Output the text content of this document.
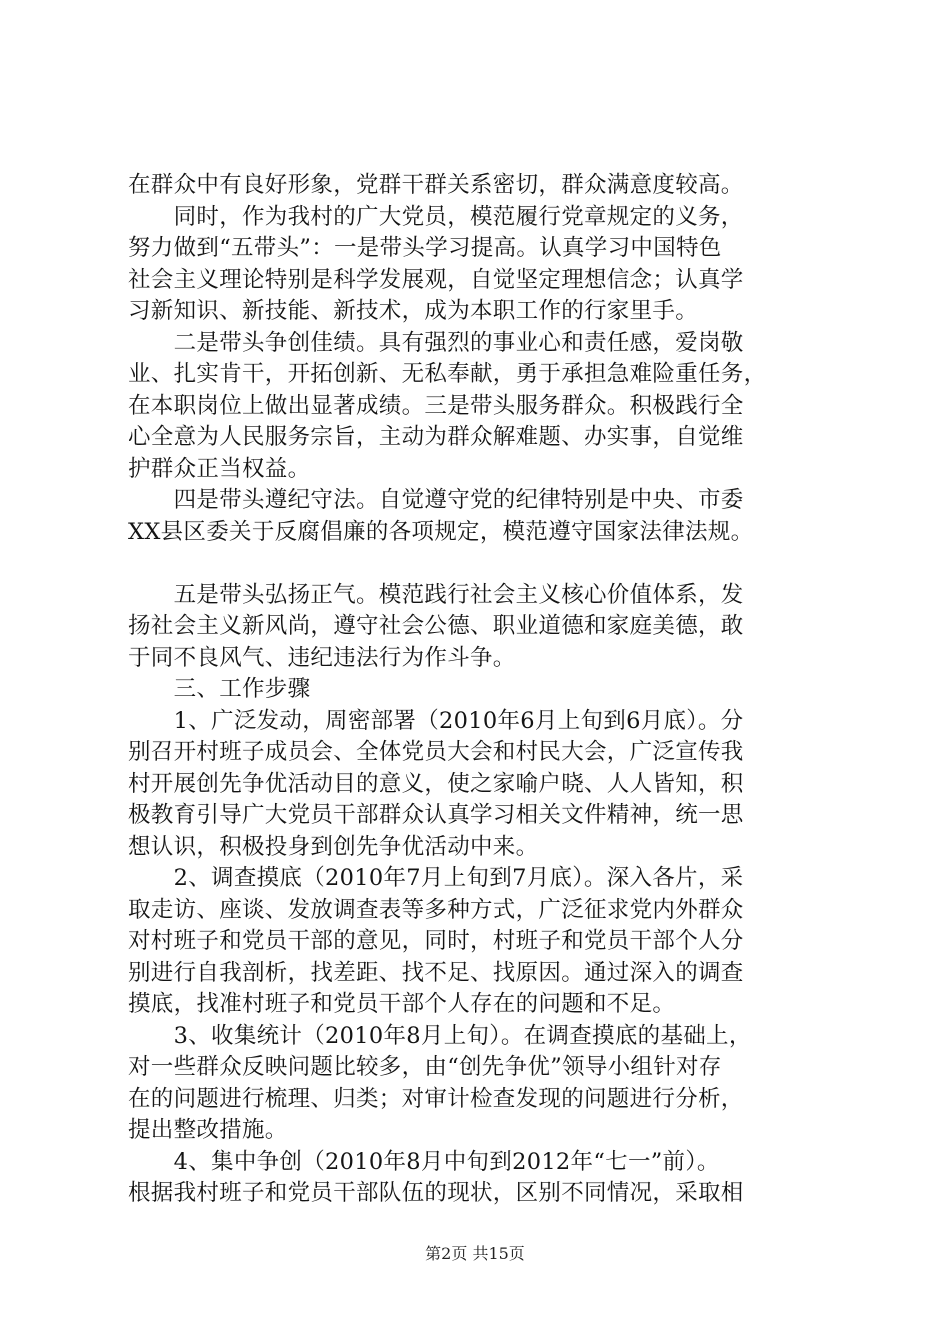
在群众中有良好形象，党群干群关系密切，群众满意度较高。
　　同时，作为我村的广大党员，模范履行党章规定的义务，
努力做到“五带头”：一是带头学习提高。认真学习中国特色
社会主义理论特别是科学发展观，自觉坚定理想信念；认真学
习新知识、新技能、新技术，成为本职工作的行家里手。
　　二是带头争创佳绩。具有强烈的事业心和责任感，爱岗敬
业、扎实肯干，开拓创新、无私奉献，勇于承担急难险重任务，
在本职岗位上做出显著成绩。三是带头服务群众。积极践行全
心全意为人民服务宗旨，主动为群众解难题、办实事，自觉维
护群众正当权益。
　　四是带头遵纪守法。自觉遵守党的纪律特别是中央、市委
XX县区委关于反腐倡廉的各项规定，模范遵守国家法律法规。
　　五是带头弘扬正气。模范践行社会主义核心价值体系，发
扬社会主义新风尚，遵守社会公德、职业道德和家庭美德，敢
于同不良风气、违纪违法行为作斗争。
　　三、工作步骤
　　1、广泛发动，周密部署（2010年6月上旬到6月底）。分
别召开村班子成员会、全体党员大会和村民大会，广泛宣传我
村开展创先争优活动目的意义，使之家喻户晓、人人皆知，积
极教育引导广大党员干部群众认真学习相关文件精神，统一思
想认识，积极投身到创先争优活动中来。
　　2、调查摸底（2010年7月上旬到7月底）。深入各片，采
取走访、座谈、发放调查表等多种方式，广泛征求党内外群众
对村班子和党员干部的意见，同时，村班子和党员干部个人分
别进行自我剖析，找差距、找不足、找原因。通过深入的调查
摸底，找准村班子和党员干部个人存在的问题和不足。
　　3、收集统计（2010年8月上旬）。在调查摸底的基础上，
对一些群众反映问题比较多，由“创先争优”领导小组针对存
在的问题进行梳理、归类；对审计检查发现的问题进行分析，
提出整改措施。
　　4、集中争创（2010年8月中旬到2012年“七一”前）。
根据我村班子和党员干部队伍的现状，区别不同情况，采取相
第2页 共15页
